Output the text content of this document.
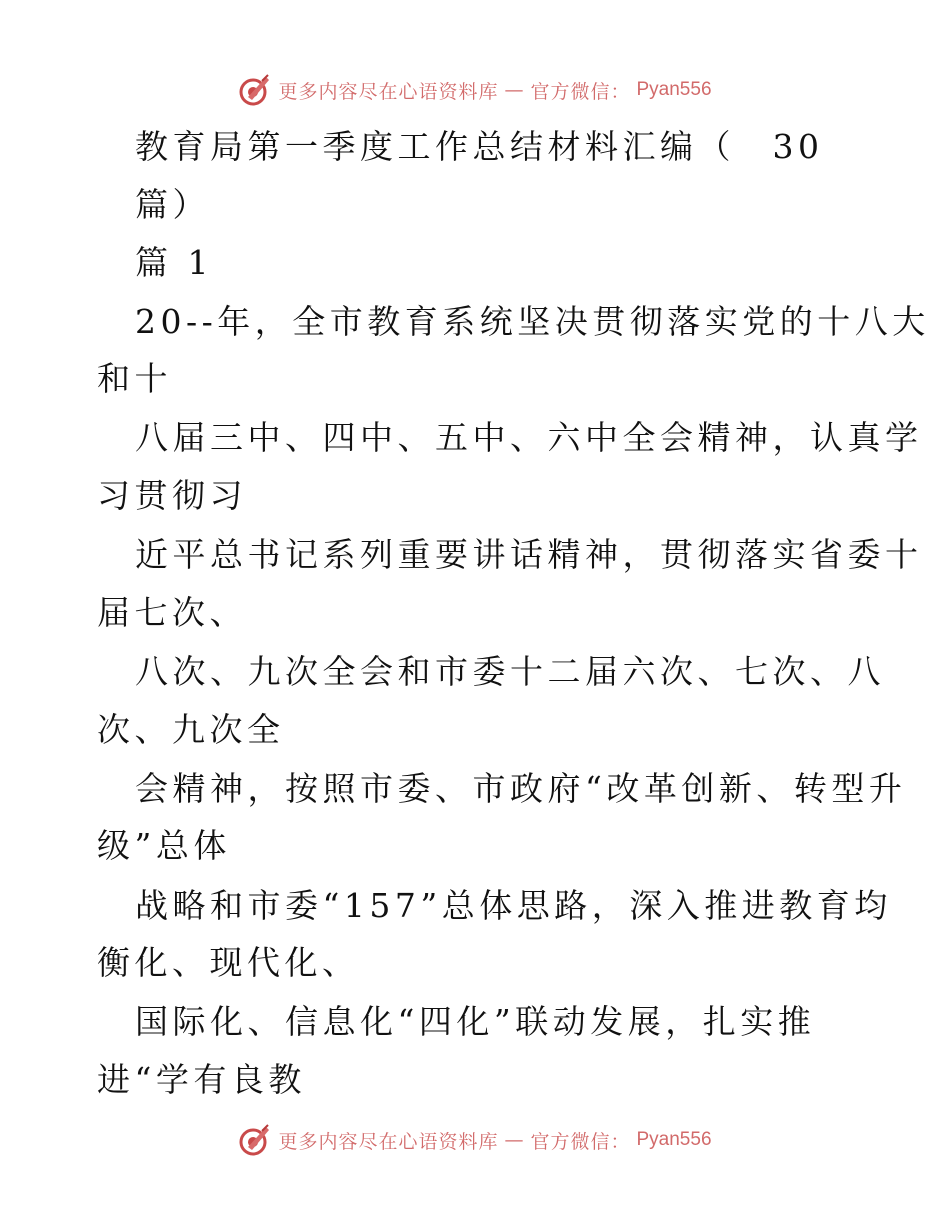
更多内容尽在心语资料库 — 官方微信： Pyan556
教育局第一季度工作总结材料汇编（　30
篇）
篇 1
20--年，全市教育系统坚决贯彻落实党的十八大
和十
八届三中、四中、五中、六中全会精神，认真学
习贯彻习
近平总书记系列重要讲话精神，贯彻落实省委十
届七次、
八次、九次全会和市委十二届六次、七次、八
次、九次全
会精神，按照市委、市政府“改革创新、转型升
级”总体
战略和市委“157”总体思路，深入推进教育均
衡化、现代化、
国际化、信息化“四化”联动发展，扎实推
进“学有良教
更多内容尽在心语资料库 — 官方微信： Pyan556
